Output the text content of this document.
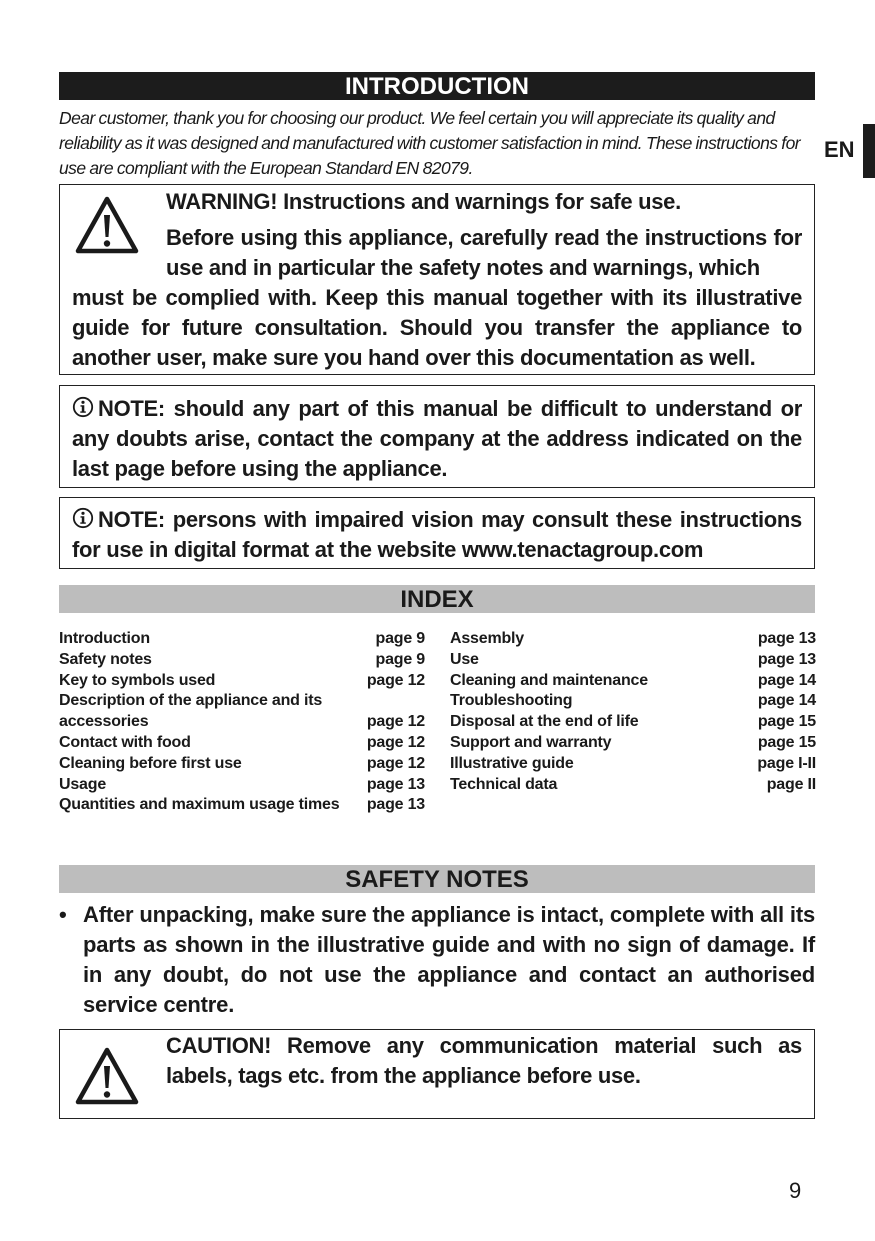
INTRODUCTION
Dear customer, thank you for choosing our product. We feel certain you will appreciate its quality and reliability as it was designed and manufactured with customer satisfaction in mind. These instructions for use are compliant with the European Standard EN 82079.
EN

WARNING! Instructions and warnings for safe use.

Before using this appliance, carefully read the instructions for use and in particular the safety notes and warnings, which

must be complied with. Keep this manual together with its illustrative guide for future consultation. Should you transfer the appliance to another user, make sure you hand over this documentation as well.

NOTE: should any part of this manual be difficult to understand or any doubts arise, contact the company at the address indicated on the last page before using the appliance.

NOTE: persons with impaired vision may consult these instructions for use in digital format at the website www.tenactagroup.com

INDEX
Introduction	page 9
Safety notes	page 9
Key to symbols used	page 12
Description of the appliance and its
accessories	page 12
Contact with food	page 12
Cleaning before first use	page 12
Usage	page 13
Quantities and maximum usage times page 13
Assembly	page 13
Use	page 13
Cleaning and maintenance	page 14
Troubleshooting	page 14
Disposal at the end of life	page 15
Support and warranty	page 15
Illustrative guide	page I-II
Technical data	page II
SAFETY NOTES
• After unpacking, make sure the appliance is intact, complete with all its parts as shown in the illustrative guide and with no sign of damage. If in any doubt, do not use the appliance and contact an authorised service centre.

CAUTION! Remove any communication material such as labels, tags etc. from the appliance before use.

9
